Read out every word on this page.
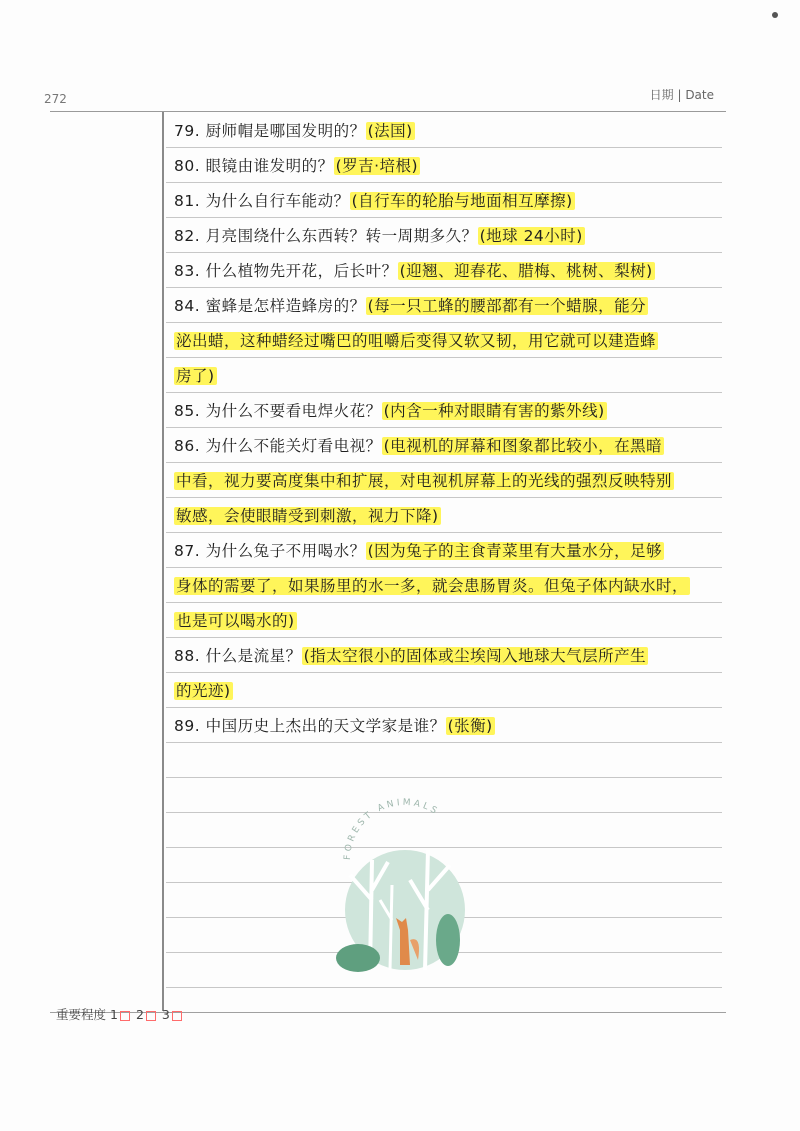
272	日期 | Date
79. 厨师帽是哪国发明的？ (法国)
80. 眼镜由谁发明的？ (罗吉·培根)
81. 为什么自行车能动？ (自行车的轮胎与地面相互摩擦)
82. 月亮围绕什么东西转？转一周期多久？ (地球 24小时)
83. 什么植物先开花，后长叶？ (迎翘、迎春花、腊梅、桃树、梨树)
84. 蜜蜂是怎样造蜂房的？ (每一只工蜂的腰部都有一个蜡腺，能分
泌出蜡，这种蜡经过嘴巴的咀嚼后变得又软又韧，用它就可以建造蜂
房了)
85. 为什么不要看电焊火花？ (内含一种对眼睛有害的紫外线)
86. 为什么不能关灯看电视？ (电视机的屏幕和图象都比较小，在黑暗
中看，视力要高度集中和扩展，对电视机屏幕上的光线的强烈反映特别
敏感，会使眼睛受到刺激，视力下降)
87. 为什么兔子不用喝水？ (因为兔子的主食青菜里有大量水分，足够
身体的需要了，如果肠里的水一多，就会患肠胃炎。但兔子体内缺水时，
也是可以喝水的)
88. 什么是流星？ (指太空很小的固体或尘埃闯入地球大气层所产生
的光迹)
89. 中国历史上杰出的天文学家是谁？ (张衡)
FOREST ANIMALS
重要程度 1 2 3
